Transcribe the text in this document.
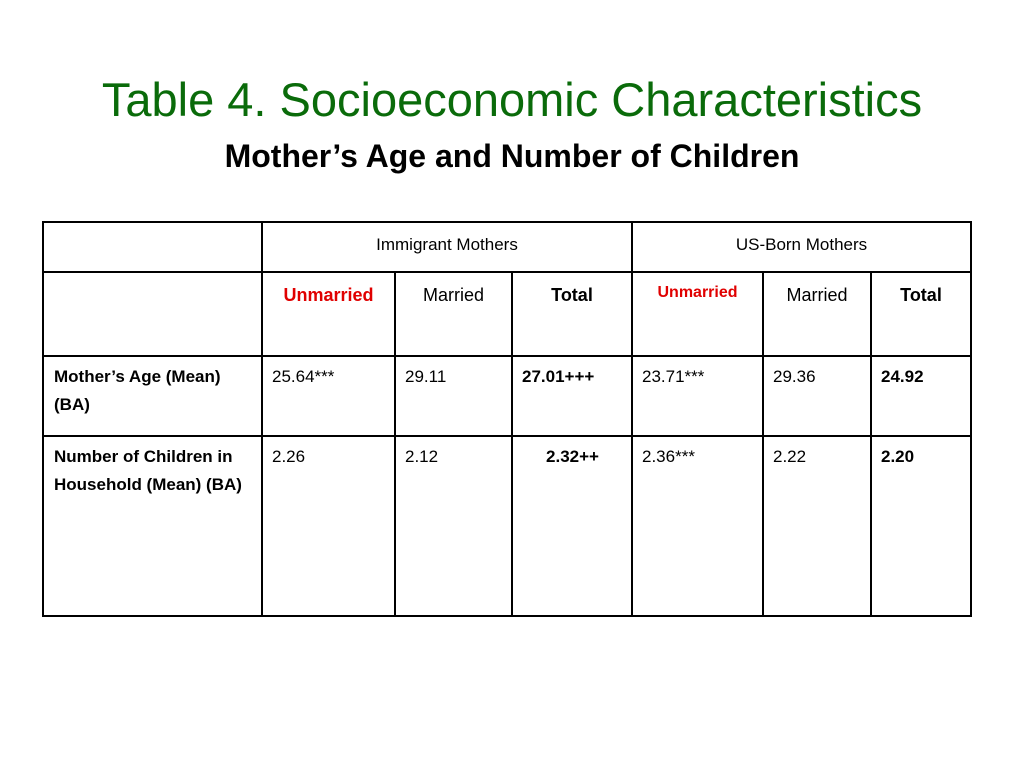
Table 4. Socioeconomic Characteristics
Mother’s Age and Number of Children
	Immigrant Mothers			US-Born Mothers		
	Unmarried	Married	Total	Unmarried	Married	Total
Mother’s Age (Mean) (BA)	25.64***	29.11	27.01+++	23.71***	29.36	24.92
Number of Children in Household (Mean) (BA)	2.26	2.12	2.32++	2.36***	2.22	2.20
